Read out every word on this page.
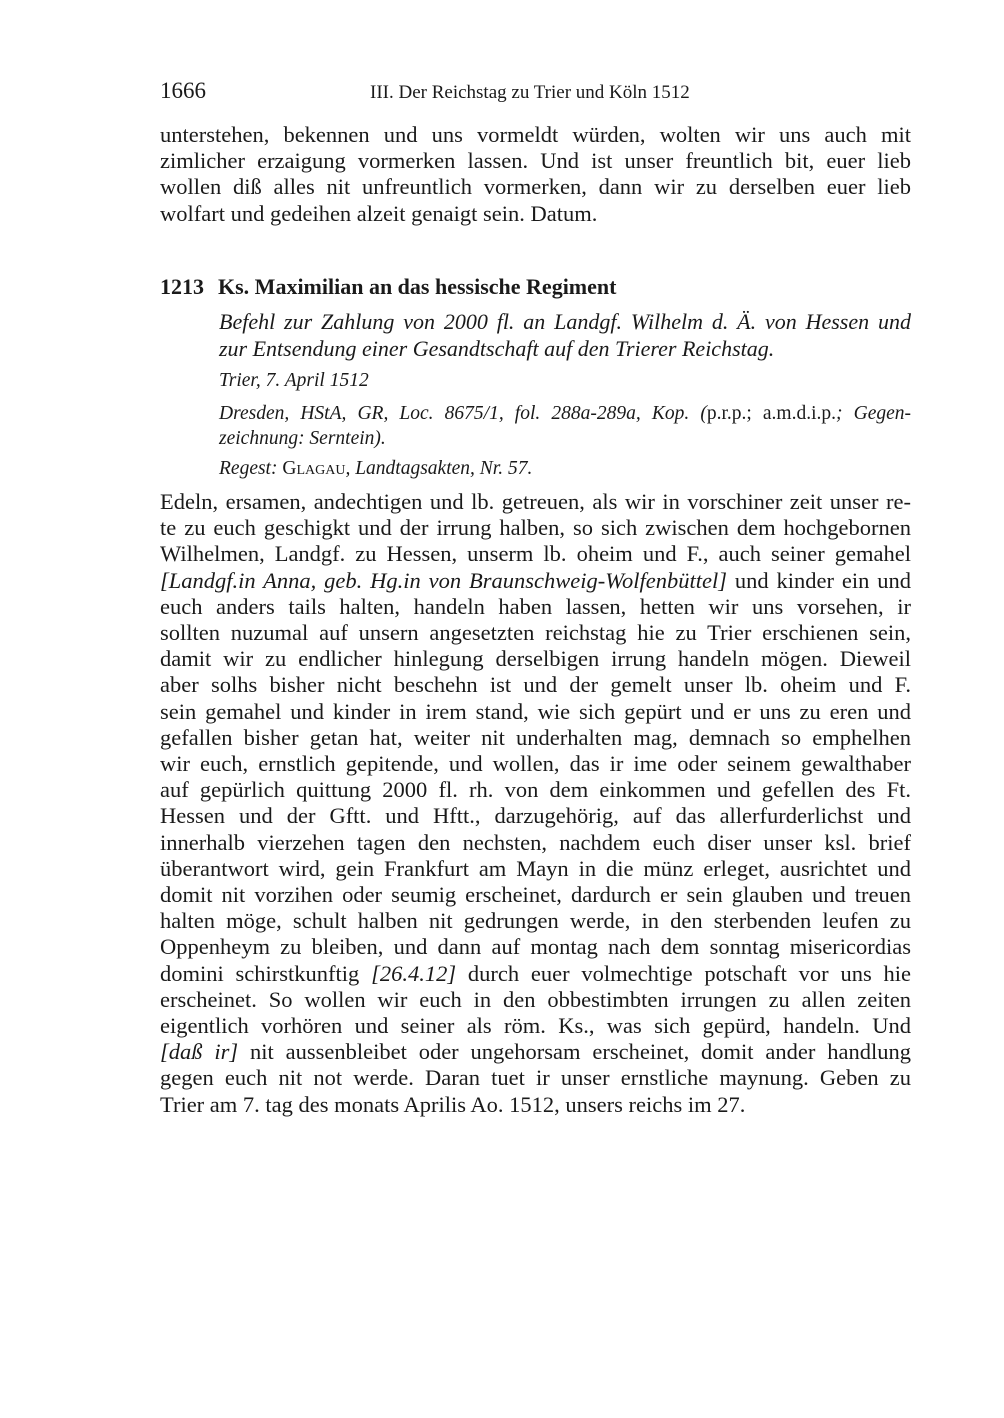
1666	III. Der Reichstag zu Trier und Köln 1512
unterstehen, bekennen und uns vormeldt würden, wolten wir uns auch mit
zimlicher erzaigung vormerken lassen. Und ist unser freuntlich bit, euer lieb
wollen diß alles nit unfreuntlich vormerken, dann wir zu derselben euer lieb
wolfart und gedeihen alzeit genaigt sein. Datum.
1213 Ks. Maximilian an das hessische Regiment
Befehl zur Zahlung von 2000 fl. an Landgf. Wilhelm d. Ä. von Hessen und
zur Entsendung einer Gesandtschaft auf den Trierer Reichstag.
Trier, 7. April 1512
Dresden, HStA, GR, Loc. 8675/1, fol. 288a-289a, Kop. (p.r.p.; a.m.d.i.p.; Gegen-
zeichnung: Serntein).
Regest: Glagau, Landtagsakten, Nr. 57.
Edeln, ersamen, andechtigen und lb. getreuen, als wir in vorschiner zeit unser re-
te zu euch geschigkt und der irrung halben, so sich zwischen dem hochgebornen
Wilhelmen, Landgf. zu Hessen, unserm lb. oheim und F., auch seiner gemahel
[Landgf.in Anna, geb. Hg.in von Braunschweig-Wolfenbüttel] und kinder ein und
euch anders tails halten, handeln haben lassen, hetten wir uns vorsehen, ir
sollten nuzumal auf unsern angesetzten reichstag hie zu Trier erschienen sein,
damit wir zu endlicher hinlegung derselbigen irrung handeln mögen. Dieweil
aber solhs bisher nicht beschehn ist und der gemelt unser lb. oheim und F.
sein gemahel und kinder in irem stand, wie sich gepürt und er uns zu eren und
gefallen bisher getan hat, weiter nit underhalten mag, demnach so emphelhen
wir euch, ernstlich gepitende, und wollen, das ir ime oder seinem gewalthaber
auf gepürlich quittung 2000 fl. rh. von dem einkommen und gefellen des Ft.
Hessen und der Gftt. und Hftt., darzugehörig, auf das allerfurderlichst und
innerhalb vierzehen tagen den nechsten, nachdem euch diser unser ksl. brief
überantwort wird, gein Frankfurt am Mayn in die münz erleget, ausrichtet und
domit nit vorzihen oder seumig erscheinet, dardurch er sein glauben und treuen
halten möge, schult halben nit gedrungen werde, in den sterbenden leufen zu
Oppenheym zu bleiben, und dann auf montag nach dem sonntag misericordias
domini schirstkunftig [26.4.12] durch euer volmechtige potschaft vor uns hie
erscheinet. So wollen wir euch in den obbestimbten irrungen zu allen zeiten
eigentlich vorhören und seiner als röm. Ks., was sich gepürd, handeln. Und
[daß ir] nit aussenbleibet oder ungehorsam erscheinet, domit ander handlung
gegen euch nit not werde. Daran tuet ir unser ernstliche maynung. Geben zu
Trier am 7. tag des monats Aprilis Ao. 1512, unsers reichs im 27.
